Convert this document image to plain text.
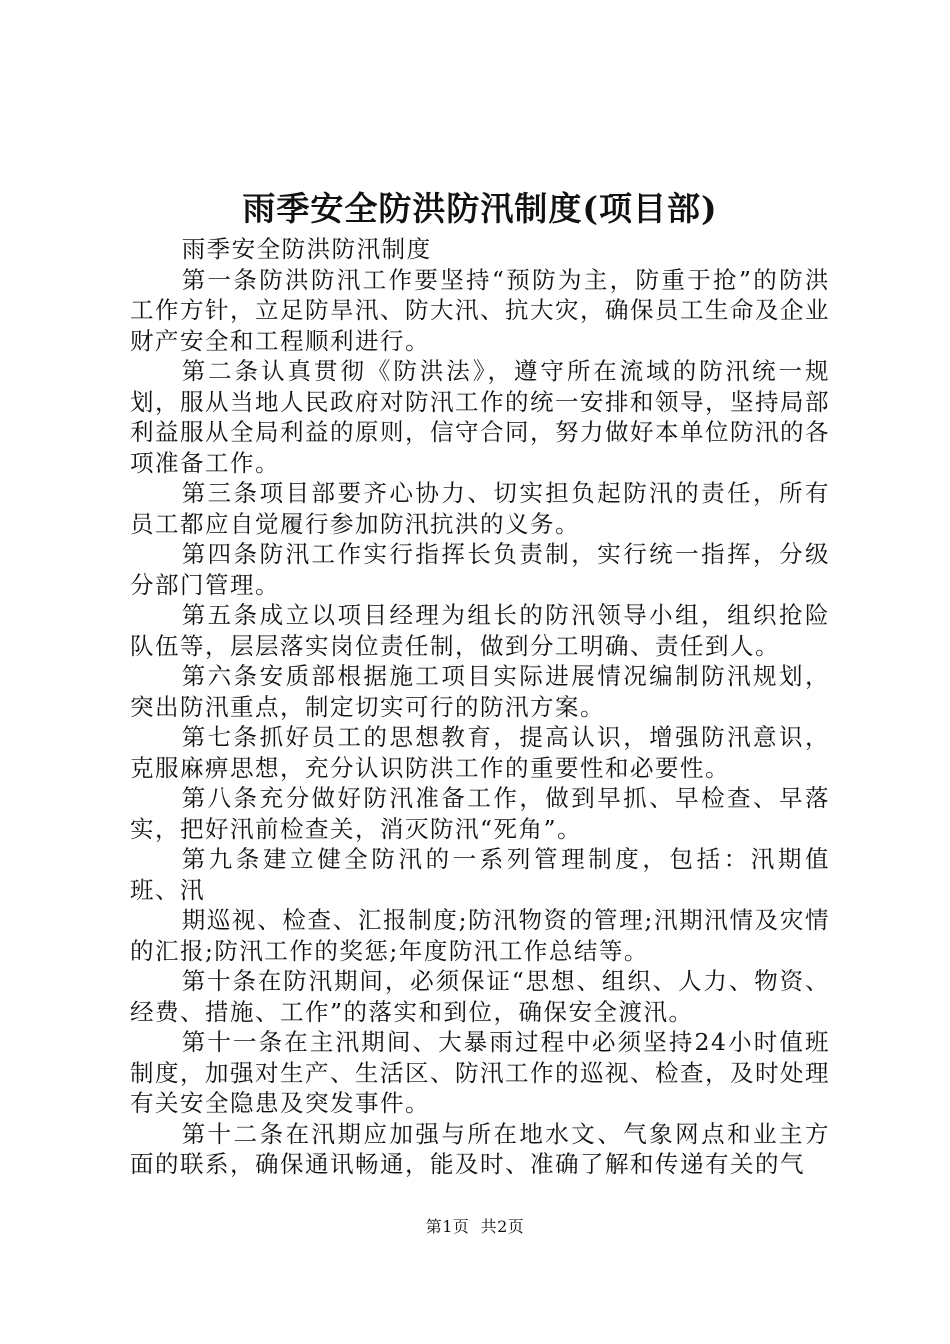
雨季安全防洪防汛制度(项目部)

雨季安全防洪防汛制度

第一条防洪防汛工作要坚持“预防为主，防重于抢”的防洪工作方针，立足防旱汛、防大汛、抗大灾，确保员工生命及企业财产安全和工程顺利进行。

第二条认真贯彻《防洪法》，遵守所在流域的防汛统一规划，服从当地人民政府对防汛工作的统一安排和领导，坚持局部利益服从全局利益的原则，信守合同，努力做好本单位防汛的各项准备工作。

第三条项目部要齐心协力、切实担负起防汛的责任，所有员工都应自觉履行参加防汛抗洪的义务。

第四条防汛工作实行指挥长负责制，实行统一指挥，分级分部门管理。

第五条成立以项目经理为组长的防汛领导小组，组织抢险队伍等，层层落实岗位责任制，做到分工明确、责任到人。

第六条安质部根据施工项目实际进展情况编制防汛规划，突出防汛重点，制定切实可行的防汛方案。

第七条抓好员工的思想教育，提高认识，增强防汛意识，克服麻痹思想，充分认识防洪工作的重要性和必要性。

第八条充分做好防汛准备工作，做到早抓、早检查、早落实，把好汛前检查关，消灭防汛“死角”。

第九条建立健全防汛的一系列管理制度，包括：汛期值班、汛

期巡视、检查、汇报制度;防汛物资的管理;汛期汛情及灾情的汇报;防汛工作的奖惩;年度防汛工作总结等。

第十条在防汛期间，必须保证“思想、组织、人力、物资、经费、措施、工作”的落实和到位，确保安全渡汛。

第十一条在主汛期间、大暴雨过程中必须坚持24小时值班制度，加强对生产、生活区、防汛工作的巡视、检查，及时处理有关安全隐患及突发事件。

第十二条在汛期应加强与所在地水文、气象网点和业主方面的联系，确保通讯畅通，能及时、准确了解和传递有关的气

第1页 共2页
